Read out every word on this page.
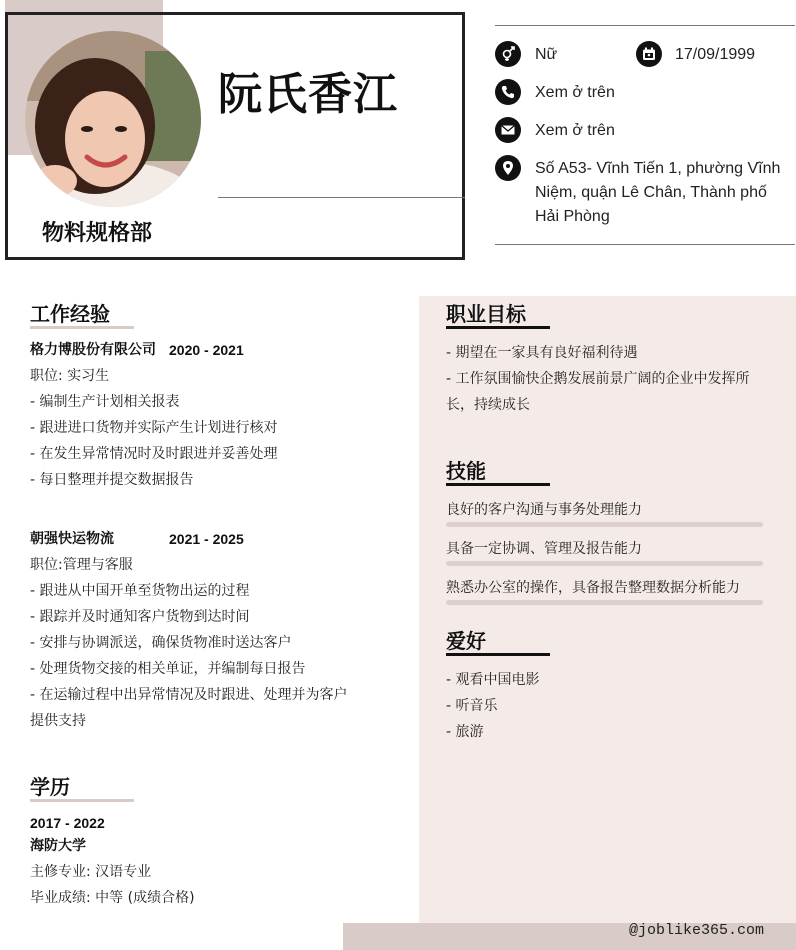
阮氏香江
物料规格部
Nữ	17/09/1999
Xem ở trên
Xem ở trên
Số A53- Vĩnh Tiến 1, phường Vĩnh
Niệm, quận Lê Chân, Thành phố
Hải Phòng
工作经验
格力博股份有限公司 2020 - 2021
职位: 实习生
- 编制生产计划相关报表
- 跟进进口货物并实际产生计划进行核对
- 在发生异常情况时及时跟进并妥善处理
- 每日整理并提交数据报告
朝强快运物流	2021 - 2025
职位:管理与客服
- 跟进从中国开单至货物出运的过程
- 跟踪并及时通知客户货物到达时间
- 安排与协调派送，确保货物准时送达客户
- 处理货物交接的相关单证，并编制每日报告
- 在运输过程中出异常情况及时跟进、处理并为客户
提供支持
学历
2017 - 2022
海防大学
主修专业: 汉语专业
毕业成绩: 中等 (成绩合格)
职业目标
- 期望在一家具有良好福利待遇
- 工作氛围愉快企鹅发展前景广阔的企业中发挥所
长，持续成长
技能
良好的客户沟通与事务处理能力
具备一定协调、管理及报告能力
熟悉办公室的操作，具备报告整理数据分析能力
爱好
- 观看中国电影
- 听音乐
- 旅游
@joblike365.com
